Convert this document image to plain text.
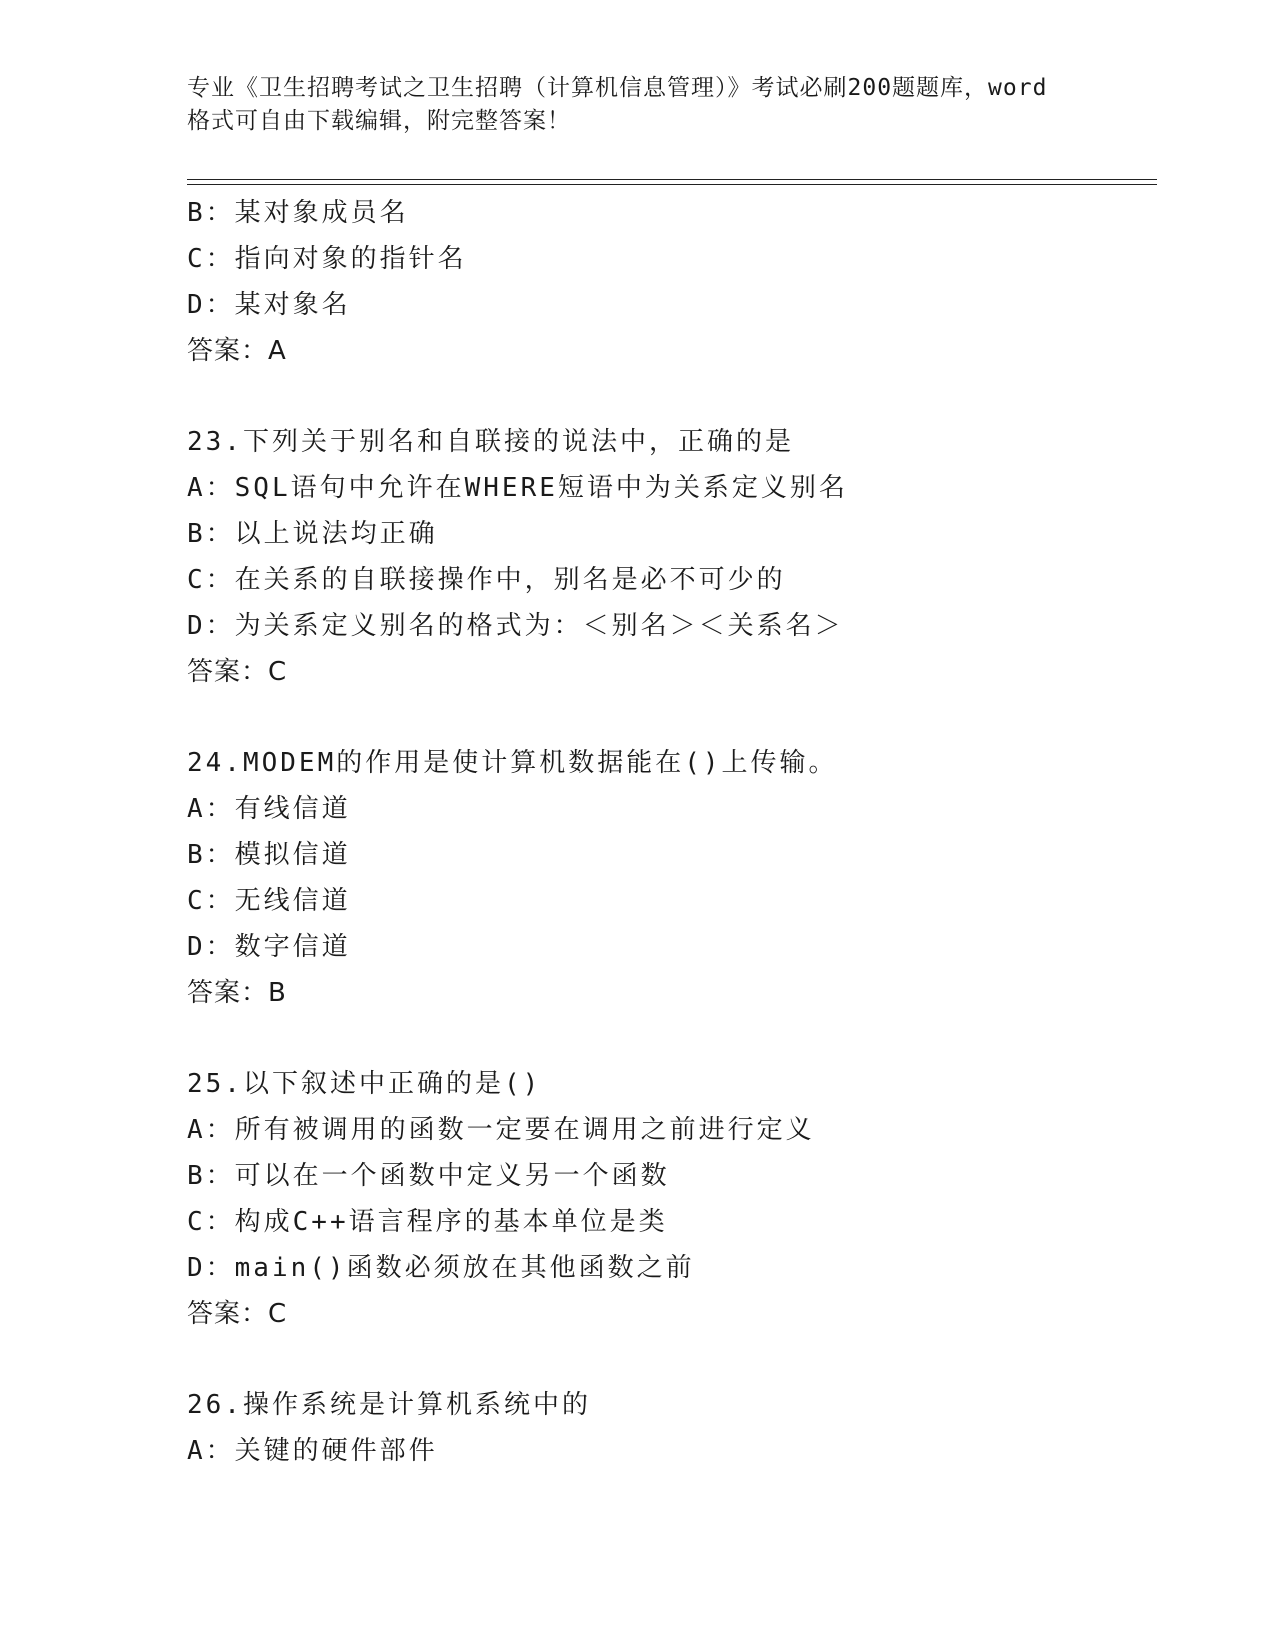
专业《卫生招聘考试之卫生招聘（计算机信息管理）》考试必刷200题题库，word
格式可自由下载编辑，附完整答案！
B：某对象成员名
C：指向对象的指针名
D：某对象名
答案：A
23.下列关于别名和自联接的说法中，正确的是
A：SQL语句中允许在WHERE短语中为关系定义别名
B：以上说法均正确
C：在关系的自联接操作中，别名是必不可少的
D：为关系定义别名的格式为：＜别名＞＜关系名＞
答案：C
24.MODEM的作用是使计算机数据能在()上传输。
A：有线信道
B：模拟信道
C：无线信道
D：数字信道
答案：B
25.以下叙述中正确的是()
A：所有被调用的函数一定要在调用之前进行定义
B：可以在一个函数中定义另一个函数
C：构成C++语言程序的基本单位是类
D：main()函数必须放在其他函数之前
答案：C
26.操作系统是计算机系统中的
A：关键的硬件部件
